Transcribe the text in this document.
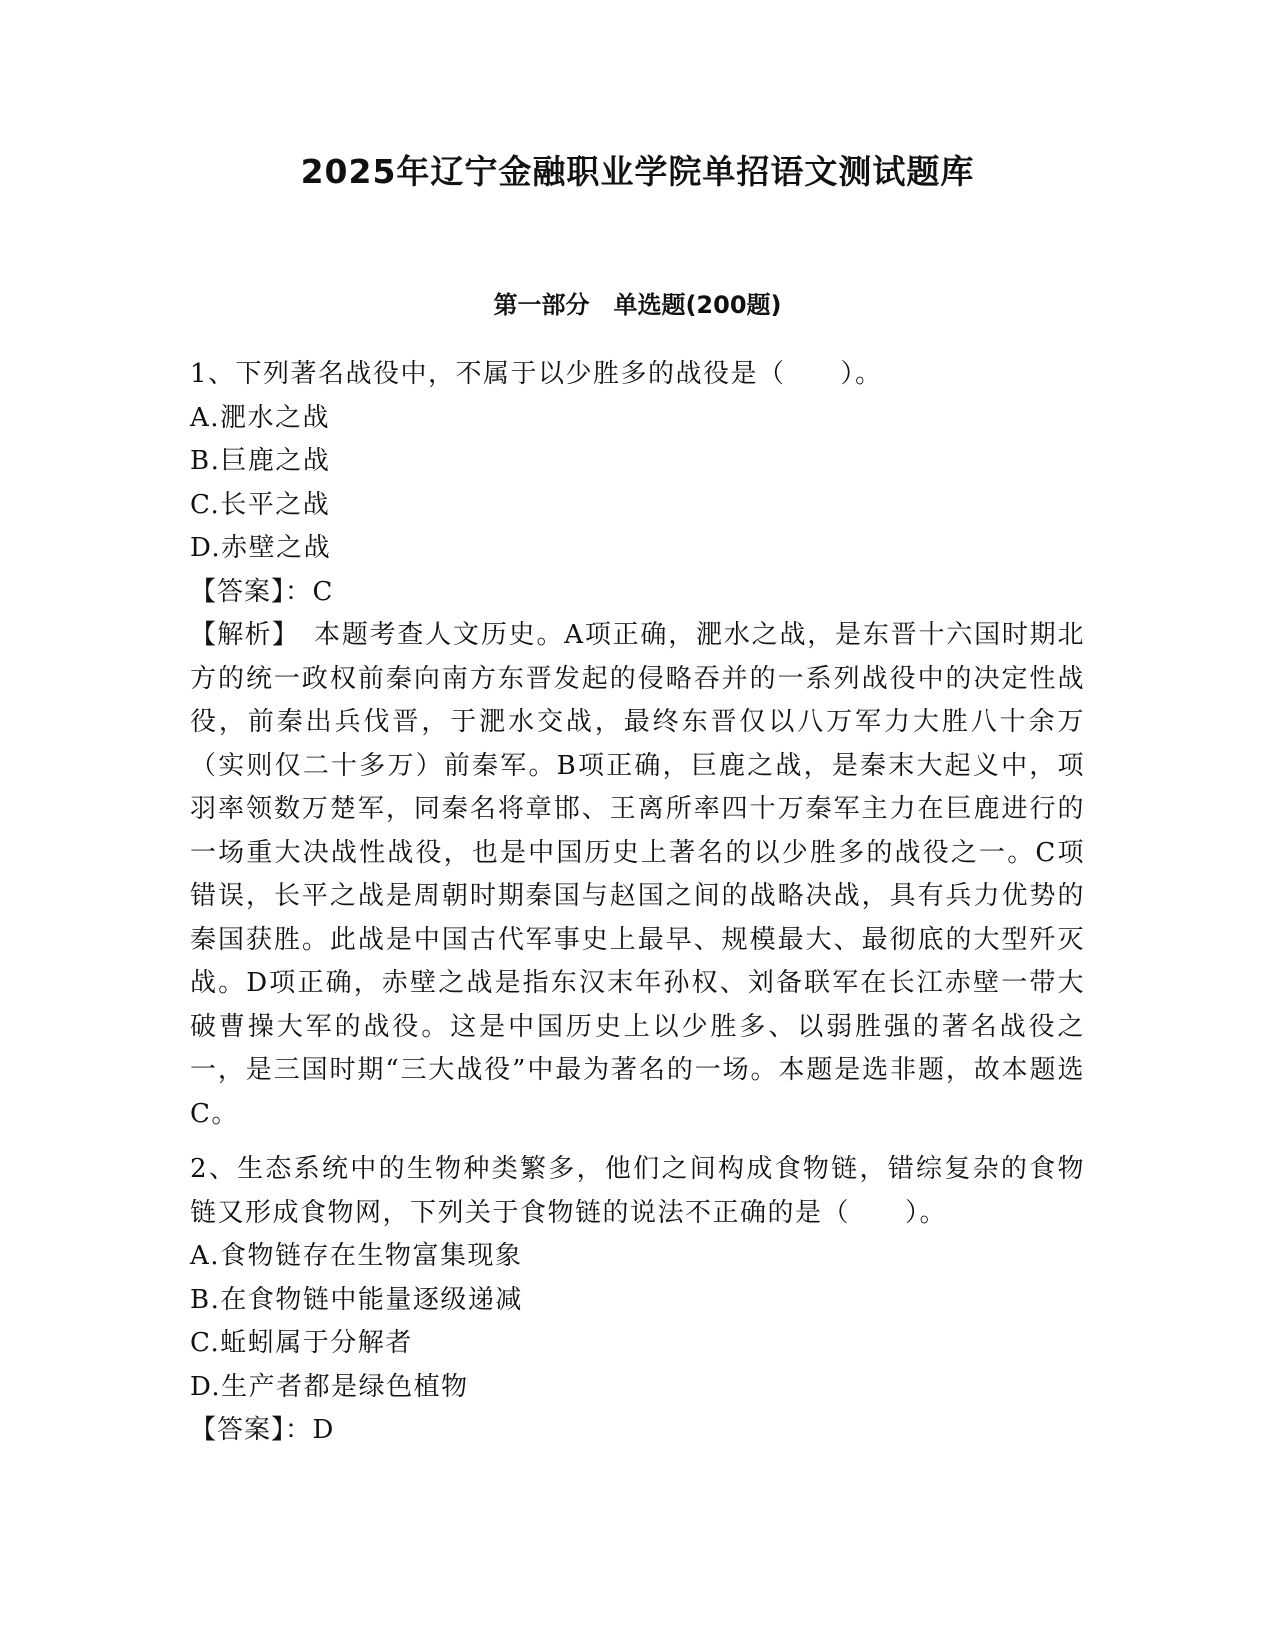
2025年辽宁金融职业学院单招语文测试题库
第一部分　单选题(200题)
1、下列著名战役中，不属于以少胜多的战役是（　　）。
A.淝水之战
B.巨鹿之战
C.长平之战
D.赤壁之战
【答案】：C
【解析】　本题考查人文历史。A项正确，淝水之战，是东晋十六国时期北方的统一政权前秦向南方东晋发起的侵略吞并的一系列战役中的决定性战役，前秦出兵伐晋，于淝水交战，最终东晋仅以八万军力大胜八十余万（实则仅二十多万）前秦军。B项正确，巨鹿之战，是秦末大起义中，项羽率领数万楚军，同秦名将章邯、王离所率四十万秦军主力在巨鹿进行的一场重大决战性战役，也是中国历史上著名的以少胜多的战役之一。C项错误，长平之战是周朝时期秦国与赵国之间的战略决战，具有兵力优势的秦国获胜。此战是中国古代军事史上最早、规模最大、最彻底的大型歼灭战。D项正确，赤壁之战是指东汉末年孙权、刘备联军在长江赤壁一带大破曹操大军的战役。这是中国历史上以少胜多、以弱胜强的著名战役之一，是三国时期“三大战役”中最为著名的一场。本题是选非题，故本题选C。
2、生态系统中的生物种类繁多，他们之间构成食物链，错综复杂的食物链又形成食物网，下列关于食物链的说法不正确的是（　　）。
A.食物链存在生物富集现象
B.在食物链中能量逐级递减
C.蚯蚓属于分解者
D.生产者都是绿色植物
【答案】：D
